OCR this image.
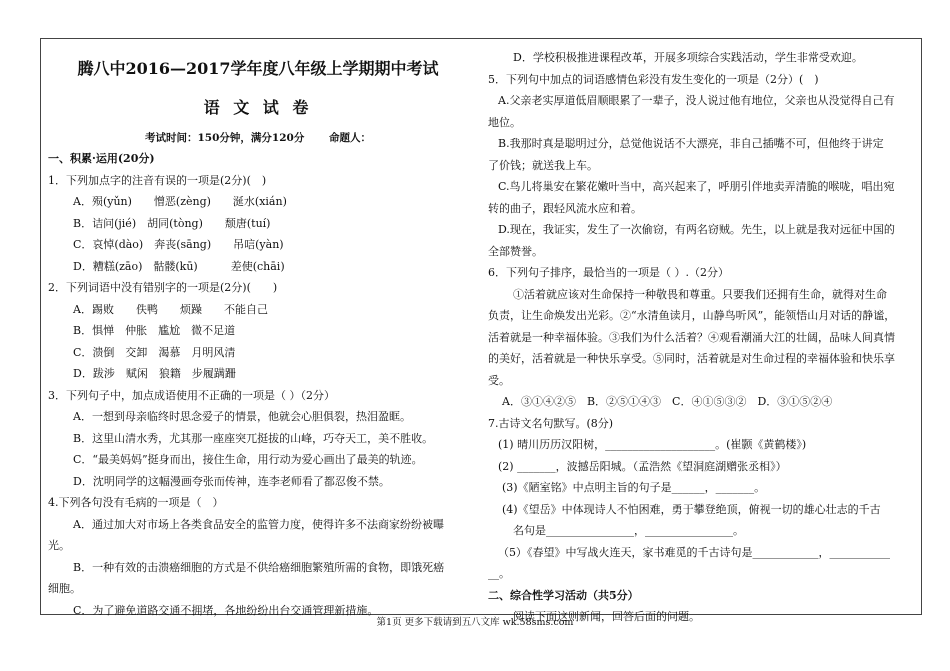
腾八中2016—2017学年度八年级上学期期中考试
语 文 试 卷
考试时间：150分钟，满分120分 　　命题人：
一、积累·运用(20分)
1．下列加点字的注音有误的一项是(2分)(　)
A．殒(yǔn)　　憎恶(zèng)　　涎水(xián)
B．诘问(jié)　胡同(tòng)　　颓唐(tuí)
C．哀悼(dào)　奔丧(sāng)　　吊唁(yàn)
D．糟糕(zāo)　骷髅(kū)　　　差使(chāi)
2．下列词语中没有错别字的一项是(2分)(　　)
A．踢败　　佚鸭　　烦躁　　不能自己
B．惧惮　仲胀　尴尬　微不足道
C．溃倒　交卸　渴慕　月明风清
D．跋涉　赋闲　狼籍　步履蹒跚
3．下列句子中，加点成语使用不正确的一项是（ ）（2分）
A．一想到母亲临终时思念爱子的情景，他就会心胆俱裂，热泪盈眶。
B．这里山清水秀，尤其那一座座突兀挺拔的山峰，巧夺天工，美不胜收。
C．“最美妈妈”挺身而出，接住生命，用行动为爱心画出了最美的轨迹。
D．沈明同学的这幅漫画夸张而传神，连李老师看了都忍俊不禁。
4.下列各句没有毛病的一项是（　）
A．通过加大对市场上各类食品安全的监管力度，使得许多不法商家纷纷被曝
光。
B．一种有效的击溃癌细胞的方式是不供给癌细胞繁殖所需的食物，即饿死癌
细胞。
C．为了避免道路交通不拥堵，各地纷纷出台交通管理新措施。
D．学校积极推进课程改革，开展多项综合实践活动，学生非常受欢迎。
5．下列句中加点的词语感情色彩没有发生变化的一项是（2分）(　)
A.父亲老实厚道低眉顺眼累了一辈子，没人说过他有地位，父亲也从没觉得自己有
地位。
B.我那时真是聪明过分，总觉他说话不大漂亮，非自己插嘴不可，但他终于讲定
了价钱；就送我上车。
C.鸟儿将巢安在繁花嫩叶当中，高兴起来了，呼朋引伴地卖弄清脆的喉咙，唱出宛
转的曲子，跟轻风流水应和着。
D.现在，我证实，发生了一次偷窃，有两名窃贼。先生，以上就是我对远征中国的
全部赞誉。
6．下列句子排序，最恰当的一项是（ ）.（2分）
①活着就应该对生命保持一种敬畏和尊重。只要我们还拥有生命，就得对生命
负责，让生命焕发出光彩。②“水清鱼读月，山静鸟听风”，能领悟山月对话的静谧，
活着就是一种幸福体验。③我们为什么活着？④观看潮涌大江的壮阔，品味人间真情
的美好，活着就是一种快乐享受。⑤同时，活着就是对生命过程的幸福体验和快乐享
受。
A．③①④②⑤　B．②⑤①④③　C．④①⑤③②　D．③①⑤②④
7.古诗文名句默写。(8分)
(1) 晴川历历汉阳树，____________________。(崔颢《黄鹤楼》)
(2) _______，波撼岳阳城。（孟浩然《望洞庭湖赠张丞相》）
(3)《陋室铭》中点明主旨的句子是______，_______。
(4)《望岳》中体现诗人不怕困难，勇于攀登绝顶，俯视一切的雄心壮志的千古
名句是________________，________________。
（5）《春望》中写战火连天，家书难觅的千古诗句是____________，___________
__。
二、综合性学习活动（共5分）
阅读下面这则新闻，回答后面的问题。
第1页 更多下载请到五八文库 wk.58sms.com
